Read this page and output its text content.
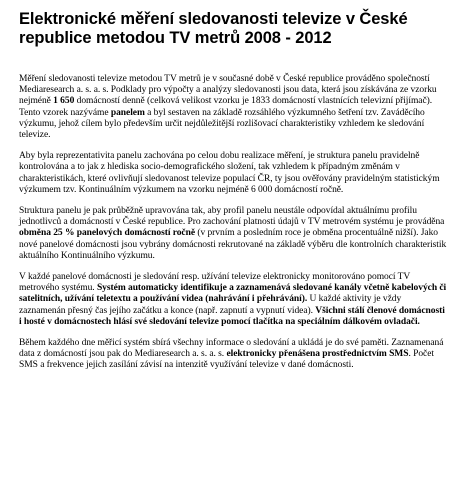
Elektronické měření sledovanosti televize v České republice metodou TV metrů 2008 - 2012

Měření sledovanosti televize metodou TV metrů je v současné době v České republice prováděno společností Mediaresearch a. s. a. s. Podklady pro výpočty a analýzy sledovanosti jsou data, která jsou získávána ze vzorku nejméně 1 650 domácností denně (celková velikost vzorku je 1833 domácností vlastnících televizní přijímač). Tento vzorek nazýváme panelem a byl sestaven na základě rozsáhlého výzkumného šetření tzv. Zaváděcího výzkumu, jehož cílem bylo především určit nejdůležitější rozlišovací charakteristiky vzhledem ke sledování televize.

Aby byla reprezentativita panelu zachována po celou dobu realizace měření, je struktura panelu pravidelně kontrolována a to jak z hlediska socio-demografického složení, tak vzhledem k případným změnám v charakteristikách, které ovlivňují sledovanost televize populací ČR, ty jsou ověřovány pravidelným statistickým výzkumem tzv. Kontinuálním výzkumem na vzorku nejméně 6 000 domácností ročně.

Struktura panelu je pak průběžně upravována tak, aby profil panelu neustále odpovídal aktuálnímu profilu jednotlivců a domácností v České republice. Pro zachování platnosti údajů v TV metrovém systému je prováděna obměna 25 % panelových domácností ročně (v prvním a posledním roce je obměna procentuálně nižší). Jako nové panelové domácnosti jsou vybrány domácnosti rekrutované na základě výběru dle kontrolních charakteristik aktuálního Kontinuálního výzkumu.

V každé panelové domácnosti je sledování resp. užívání televize elektronicky monitorováno pomocí TV metrového systému. Systém automaticky identifikuje a zaznamenává sledované kanály včetně kabelových či satelitních, užívání teletextu a používání videa (nahrávání i přehrávání). U každé aktivity je vždy zaznamenán přesný čas jejího začátku a konce (např. zapnutí a vypnutí videa). Všichni stálí členové domácnosti i hosté v domácnostech hlásí své sledování televize pomocí tlačítka na speciálním dálkovém ovladači.

Během každého dne měřicí systém sbírá všechny informace o sledování a ukládá je do své paměti. Zaznamenaná data z domácností jsou pak do Mediaresearch a. s. a. s. elektronicky přenášena prostřednictvím SMS. Počet SMS a frekvence jejich zasílání závisí na intenzitě využívání televize v dané domácnosti.
